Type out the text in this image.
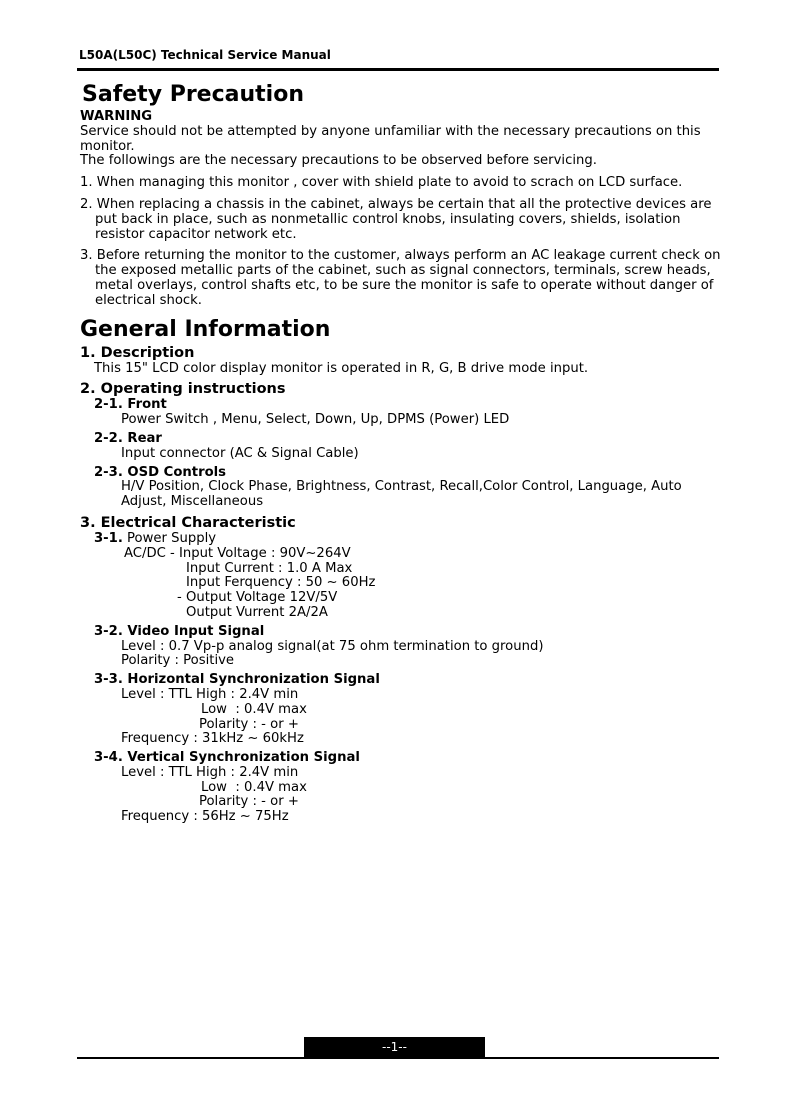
L50A(L50C) Technical Service Manual
Safety Precaution

WARNING

Service should not be attempted by anyone unfamiliar with the necessary precautions on this monitor.

The followings are the necessary precautions to be observed before servicing.

1. When managing this monitor , cover with shield plate to avoid to scrach on LCD surface.

2. When replacing a chassis in the cabinet, always be certain that all the protective devices are put back in place, such as nonmetallic control knobs, insulating covers, shields, isolation resistor capacitor network etc.

3. Before returning the monitor to the customer, always perform an AC leakage current check on the exposed metallic parts of the cabinet, such as signal connectors, terminals, screw heads, metal overlays, control shafts etc, to be sure the monitor is safe to operate without danger of electrical shock.

General Information
1. Description

This 15" LCD color display monitor is operated in R, G, B drive mode input.

2. Operating instructions

2-1. Front

Power Switch , Menu, Select, Down, Up, DPMS (Power) LED

2-2. Rear

Input connector (AC & Signal Cable)

2-3. OSD Controls

H/V Position, Clock Phase, Brightness, Contrast, Recall,Color Control, Language, Auto Adjust, Miscellaneous

3. Electrical Characteristic

3-1. Power Supply

AC/DC - Input Voltage : 90V~264V

Input Current : 1.0 A Max

Input Ferquency : 50 ~ 60Hz

- Output Voltage 12V/5V

Output Vurrent 2A/2A

3-2. Video Input Signal

Level : 0.7 Vp-p analog signal(at 75 ohm termination to ground)

Polarity : Positive

3-3. Horizontal Synchronization Signal

Level : TTL High : 2.4V min

Low  : 0.4V max

Polarity : - or +

Frequency : 31kHz ~ 60kHz

3-4. Vertical Synchronization Signal

Level : TTL High : 2.4V min

Low  : 0.4V max

Polarity : - or +

Frequency : 56Hz ~ 75Hz

--1--
